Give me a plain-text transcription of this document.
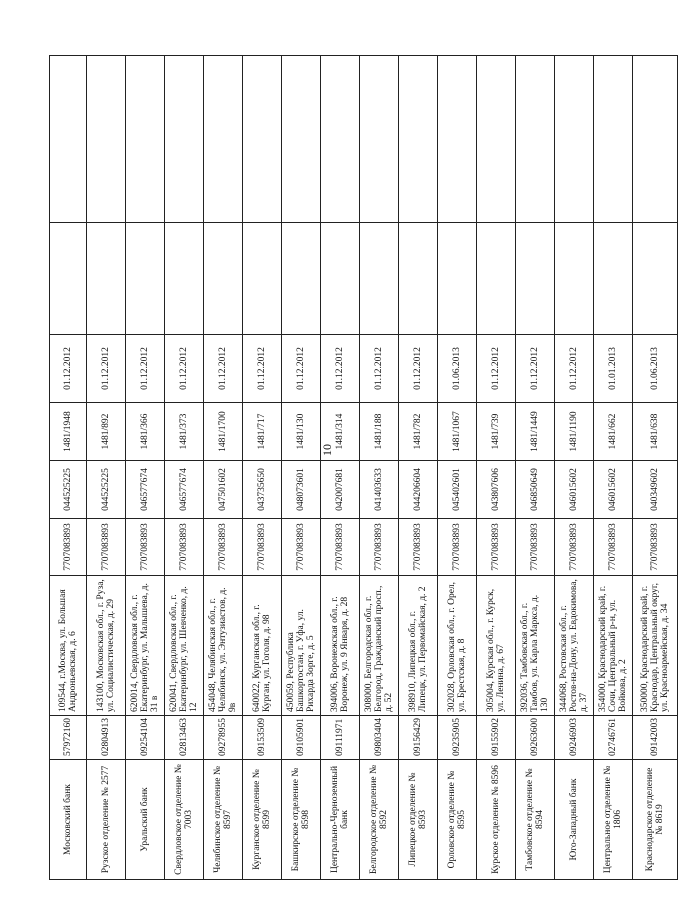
10
Московский банк	57972160	109544, г.Москва, ул. Большая Андроньевская, д. 6	7707083893	044525225	1481/1948	01.12.2012		
Рузское отделение № 2577	02804913	143100, Московская обл., г. Руза, ул. Социалистическая, д. 29	7707083893	044525225	1481/892	01.12.2012		
Уральский банк	09254104	620014, Свердловская обл., г. Екатеринбург, ул. Малышева, д. 31 в	7707083893	046577674	1481/366	01.12.2012		
Свердловское отделение № 7003	02813463	620041, Свердловская обл., г. Екатеринбург, ул. Шевченко, д. 12	7707083893	046577674	1481/373	01.12.2012		
Челябинское отделение № 8597	09278955	454048, Челябинская обл., г. Челябинск, ул. Энтузиастов, д. 9в	7707083893	047501602	1481/1700	01.12.2012		
Курганское отделение № 8599	09153509	640022, Курганская обл., г. Курган, ул. Гоголя, д. 98	7707083893	043735650	1481/717	01.12.2012		
Башкирское отделение № 8598	09105901	450059, Республика Башкортостан, г. Уфа, ул. Рихарда Зорге, д. 5	7707083893	048073601	1481/130	01.12.2012		
Центрально-Черноземный банк	09111971	394006, Воронежская обл., г. Воронеж, ул. 9 Января, д. 28	7707083893	042007681	1481/314	01.12.2012		
Белгородское отделение № 8592	09803404	308000, Белгородская обл., г. Белгород, Гражданский просп., д. 52	7707083893	041403633	1481/188	01.12.2012		
Липецкое отделение № 8593	09156429	398910, Липецкая обл., г. Липецк, ул. Первомайская, д. 2	7707083893	044206604	1481/782	01.12.2012		
Орловское отделение № 8595	09235905	302028, Орловская обл., г. Орел, ул. Брестская, д. 8	7707083893	045402601	1481/1067	01.06.2013		
Курское отделение № 8596	09155902	305004, Курская обл., г. Курск, ул. Ленина, д. 67	7707083893	043807606	1481/739	01.12.2012		
Тамбовское отделение № 8594	09263600	392036, Тамбовская обл., г. Тамбов, ул. Карла Маркса, д. 130	7707083893	046850649	1481/1449	01.12.2012		
Юго-Западный банк	09246903	344068, Ростовская обл., г. Ростов-на-Дону, ул. Евдокимова, д. 37	7707083893	046015602	1481/1190	01.12.2012		
Центральное отделение № 1806	02746761	354000, Краснодарский край, г. Сочи, Центральный р-н, ул. Войкова, д. 2	7707083893	046015602	1481/662	01.01.2013		
Краснодарское отделение № 8619	09142003	350000, Краснодарский край, г. Краснодар, Центральный округ, ул. Красноармейская, д. 34	7707083893	040349602	1481/638	01.06.2013		
